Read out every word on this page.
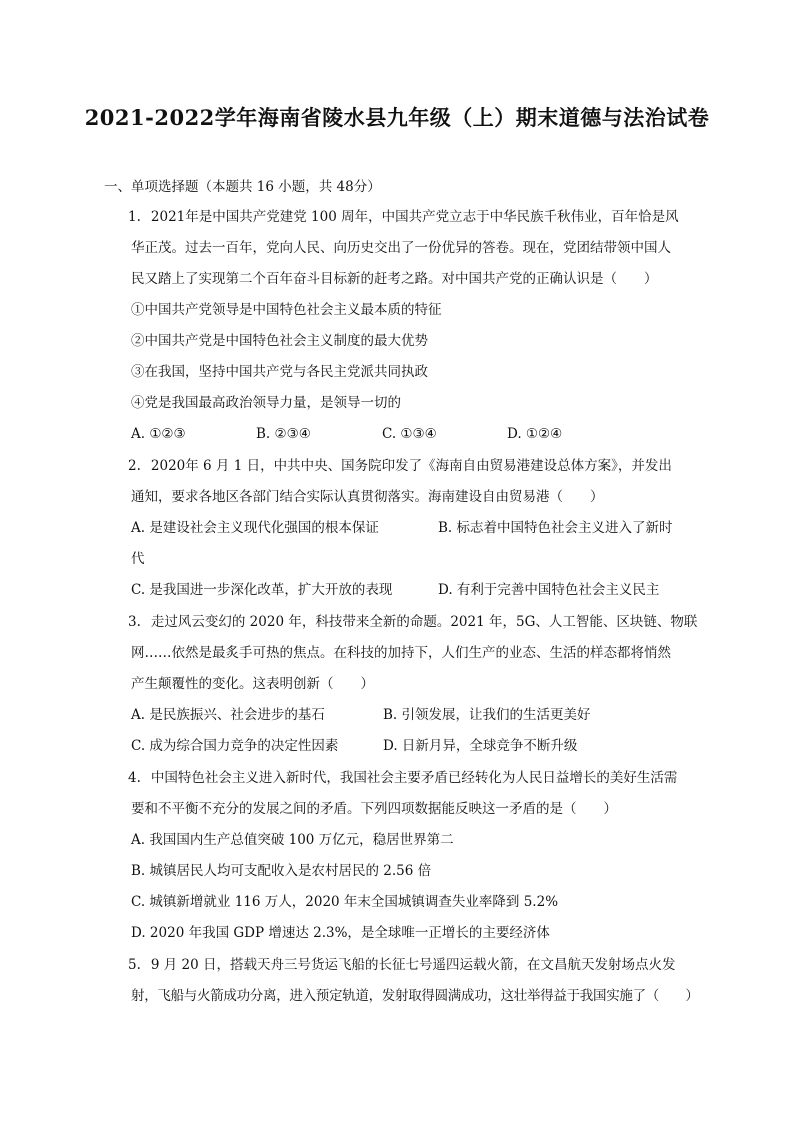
2021-2022学年海南省陵水县九年级（上）期末道德与法治试卷
一、单项选择题（本题共 16 小题，共 48分）
1. 2021年是中国共产党建党 100 周年，中国共产党立志于中华民族千秋伟业，百年恰是风
华正茂。过去一百年，党向人民、向历史交出了一份优异的答卷。现在，党团结带领中国人
民又踏上了实现第二个百年奋斗目标新的赶考之路。对中国共产党的正确认识是（　　）
①中国共产党领导是中国特色社会主义最本质的特征
②中国共产党是中国特色社会主义制度的最大优势
③在我国，坚持中国共产党与各民主党派共同执政
④党是我国最高政治领导力量，是领导一切的
A. ①②③	B. ②③④	C. ①③④	D. ①②④
2. 2020年 6 月 1 日，中共中央、国务院印发了《海南自由贸易港建设总体方案》，并发出
通知，要求各地区各部门结合实际认真贯彻落实。海南建设自由贸易港（　　）
A. 是建设社会主义现代化强国的根本保证	B. 标志着中国特色社会主义进入了新时
代
C. 是我国进一步深化改革，扩大开放的表现	D. 有利于完善中国特色社会主义民主
3. 走过风云变幻的 2020 年，科技带来全新的命题。2021 年，5G、人工智能、区块链、物联
网……依然是最炙手可热的焦点。在科技的加持下，人们生产的业态、生活的样态都将悄然
产生颠覆性的变化。这表明创新（　　）
A. 是民族振兴、社会进步的基石	B. 引领发展，让我们的生活更美好
C. 成为综合国力竞争的决定性因素	D. 日新月异，全球竞争不断升级
4. 中国特色社会主义进入新时代，我国社会主要矛盾已经转化为人民日益增长的美好生活需
要和不平衡不充分的发展之间的矛盾。下列四项数据能反映这一矛盾的是（　　）
A. 我国国内生产总值突破 100 万亿元，稳居世界第二
B. 城镇居民人均可支配收入是农村居民的 2.56 倍
C. 城镇新增就业 116 万人，2020 年末全国城镇调查失业率降到 5.2%
D. 2020 年我国 GDP 增速达 2.3%，是全球唯一正增长的主要经济体
5. 9 月 20 日，搭载天舟三号货运飞船的长征七号遥四运载火箭，在文昌航天发射场点火发
射，飞船与火箭成功分离，进入预定轨道，发射取得圆满成功，这壮举得益于我国实施了（　　）
